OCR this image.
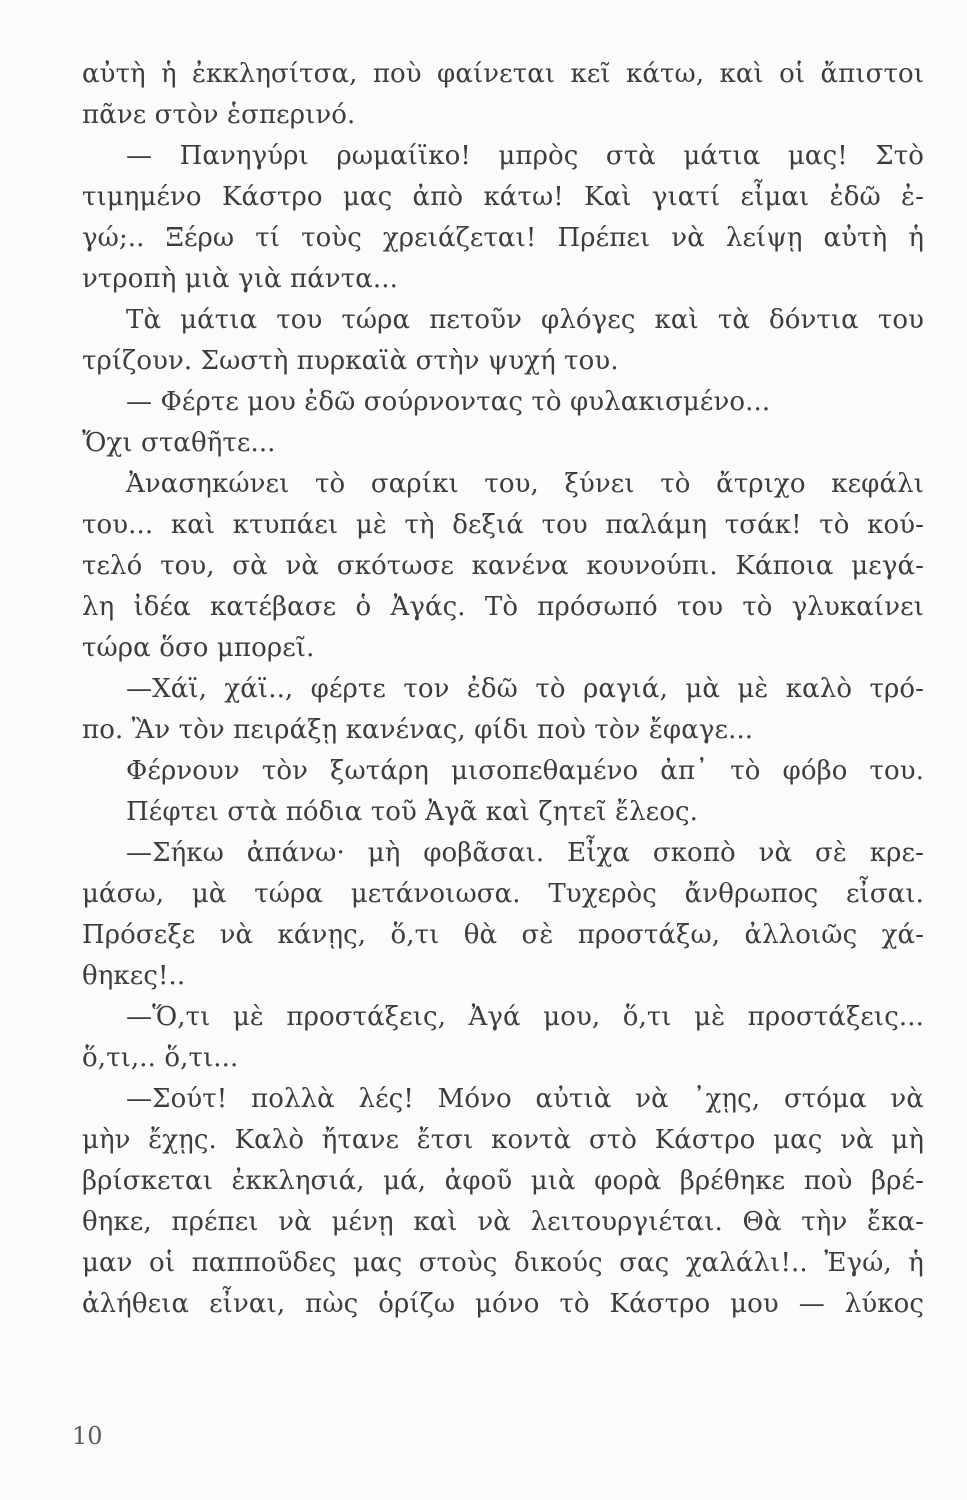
αὐτὴ ἡ ἐκκλησίτσα, ποὺ φαίνεται κεῖ κάτω, καὶ οἱ ἄπιστοι
πᾶνε στὸν ἑσπερινό.
— Πανηγύρι ρωμαίϊκο! μπρὸς στὰ μάτια μας! Στὸ
τιμημένο Κάστρο μας ἀπὸ κάτω! Καὶ γιατί εἶμαι ἐδῶ ἐ-
γώ;.. Ξέρω τί τοὺς χρειάζεται! Πρέπει νὰ λείψῃ αὐτὴ ἡ
ντροπὴ μιὰ γιὰ πάντα...
Τὰ μάτια του τώρα πετοῦν φλόγες καὶ τὰ δόντια του
τρίζουν. Σωστὴ πυρκαϊὰ στὴν ψυχή του.
— Φέρτε μου ἐδῶ σούρνοντας τὸ φυλακισμένο...
Ὄχι σταθῆτε...
Ἀνασηκώνει τὸ σαρίκι του, ξύνει τὸ ἄτριχο κεφάλι
του... καὶ κτυπάει μὲ τὴ δεξιά του παλάμη τσάκ! τὸ κού-
τελό του, σὰ νὰ σκότωσε κανένα κουνούπι. Κάποια μεγά-
λη ἰδέα κατέβασε ὁ Ἀγάς. Τὸ πρόσωπό του τὸ γλυκαίνει
τώρα ὅσο μπορεῖ.
—Χάϊ, χάϊ.., φέρτε τον ἐδῶ τὸ ραγιά, μὰ μὲ καλὸ τρό-
πο. Ἂν τὸν πειράξῃ κανένας, φίδι ποὺ τὸν ἔφαγε...
Φέρνουν τὸν ξωτάρη μισοπεθαμένο ἀπ᾽ τὸ φόβο του.
Πέφτει στὰ πόδια τοῦ Ἀγᾶ καὶ ζητεῖ ἔλεος.
—Σήκω ἀπάνω· μὴ φοβᾶσαι. Εἶχα σκοπὸ νὰ σὲ κρε-
μάσω, μὰ τώρα μετάνοιωσα. Τυχερὸς ἄνθρωπος εἶσαι.
Πρόσεξε νὰ κάνῃς, ὅ,τι θὰ σὲ προστάξω, ἀλλοιῶς χά-
θηκες!..
—Ὅ,τι μὲ προστάξεις, Ἀγά μου, ὅ,τι μὲ προστάξεις...
ὅ,τι,.. ὅ,τι...
—Σούτ! πολλὰ λές! Μόνο αὐτιὰ νὰ ᾿χῃς, στόμα νὰ
μὴν ἔχῃς. Καλὸ ἤτανε ἔτσι κοντὰ στὸ Κάστρο μας νὰ μὴ
βρίσκεται ἐκκλησιά, μά, ἀφοῦ μιὰ φορὰ βρέθηκε ποὺ βρέ-
θηκε, πρέπει νὰ μένῃ καὶ νὰ λειτουργιέται. Θὰ τὴν ἔκα-
μαν οἱ παπποῦδες μας στοὺς δικούς σας χαλάλι!.. Ἐγώ, ἡ
ἀλήθεια εἶναι, πὼς ὁρίζω μόνο τὸ Κάστρο μου — λύκος
10
